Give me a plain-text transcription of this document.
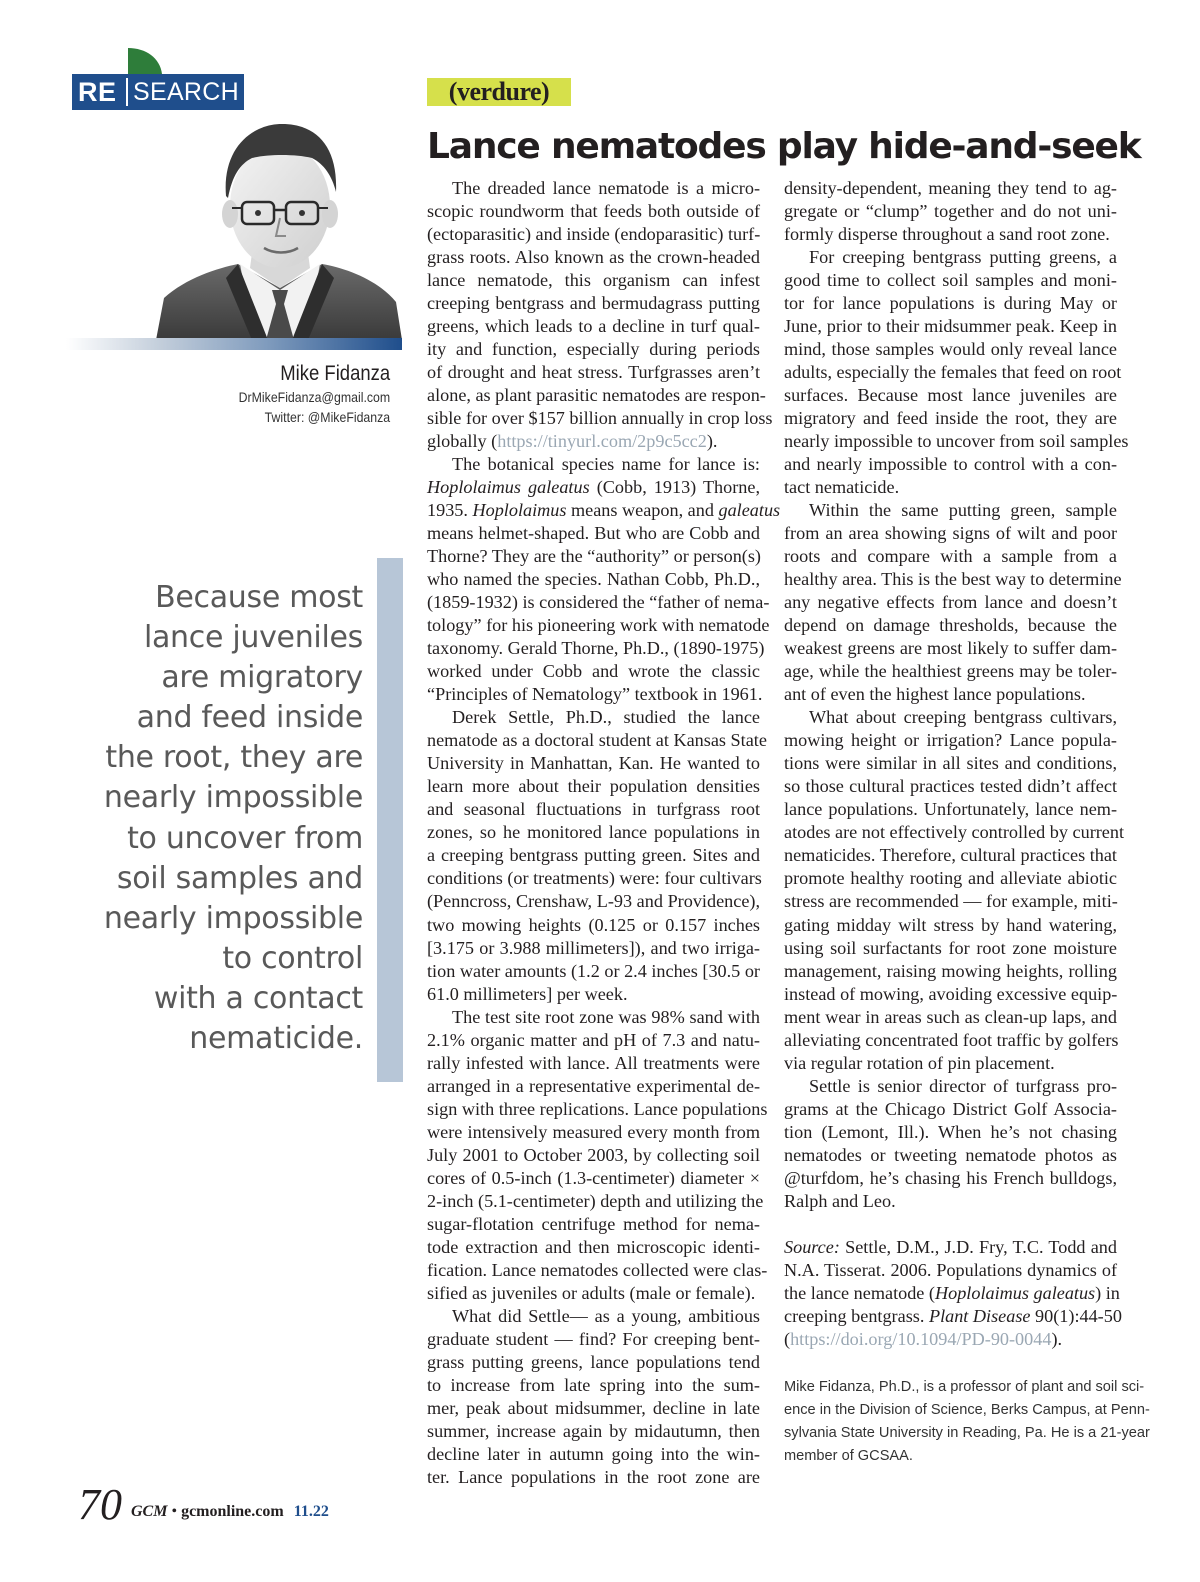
RE SEARCH
Mike Fidanza
DrMikeFidanza@gmail.com
Twitter: @MikeFidanza
Because most
lance juveniles
are migratory
and feed inside
the root, they are
nearly impossible
to uncover from
soil samples and
nearly impossible
to control
with a contact
nematicide.
(verdure)
Lance nematodes play hide-and-seek
The dreaded lance nematode is a micro-
scopic roundworm that feeds both outside of
(ectoparasitic) and inside (endoparasitic) turf-
grass roots. Also known as the crown-headed
lance nematode, this organism can infest
creeping bentgrass and bermudagrass putting
greens, which leads to a decline in turf qual-
ity and function, especially during periods
of drought and heat stress. Turfgrasses aren’t
alone, as plant parasitic nematodes are respon-
sible for over $157 billion annually in crop loss
globally (https://tinyurl.com/2p9c5cc2).
The botanical species name for lance is:
Hoplolaimus galeatus (Cobb, 1913) Thorne,
1935. Hoplolaimus means weapon, and galeatus
means helmet-shaped. But who are Cobb and
Thorne? They are the “authority” or person(s)
who named the species. Nathan Cobb, Ph.D.,
(1859-1932) is considered the “father of nema-
tology” for his pioneering work with nematode
taxonomy. Gerald Thorne, Ph.D., (1890-1975)
worked under Cobb and wrote the classic
“Principles of Nematology” textbook in 1961.
Derek Settle, Ph.D., studied the lance
nematode as a doctoral student at Kansas State
University in Manhattan, Kan. He wanted to
learn more about their population densities
and seasonal fluctuations in turfgrass root
zones, so he monitored lance populations in
a creeping bentgrass putting green. Sites and
conditions (or treatments) were: four cultivars
(Penncross, Crenshaw, L-93 and Providence),
two mowing heights (0.125 or 0.157 inches
[3.175 or 3.988 millimeters]), and two irriga-
tion water amounts (1.2 or 2.4 inches [30.5 or
61.0 millimeters] per week.
The test site root zone was 98% sand with
2.1% organic matter and pH of 7.3 and natu-
rally infested with lance. All treatments were
arranged in a representative experimental de-
sign with three replications. Lance populations
were intensively measured every month from
July 2001 to October 2003, by collecting soil
cores of 0.5-inch (1.3-centimeter) diameter ×
2-inch (5.1-centimeter) depth and utilizing the
sugar-flotation centrifuge method for nema-
tode extraction and then microscopic identi-
fication. Lance nematodes collected were clas-
sified as juveniles or adults (male or female).
What did Settle— as a young, ambitious
graduate student — find? For creeping bent-
grass putting greens, lance populations tend
to increase from late spring into the sum-
mer, peak about midsummer, decline in late
summer, increase again by midautumn, then
decline later in autumn going into the win-
ter. Lance populations in the root zone are
density-dependent, meaning they tend to ag-
gregate or “clump” together and do not uni-
formly disperse throughout a sand root zone.
For creeping bentgrass putting greens, a
good time to collect soil samples and moni-
tor for lance populations is during May or
June, prior to their midsummer peak. Keep in
mind, those samples would only reveal lance
adults, especially the females that feed on root
surfaces. Because most lance juveniles are
migratory and feed inside the root, they are
nearly impossible to uncover from soil samples
and nearly impossible to control with a con-
tact nematicide.
Within the same putting green, sample
from an area showing signs of wilt and poor
roots and compare with a sample from a
healthy area. This is the best way to determine
any negative effects from lance and doesn’t
depend on damage thresholds, because the
weakest greens are most likely to suffer dam-
age, while the healthiest greens may be toler-
ant of even the highest lance populations.
What about creeping bentgrass cultivars,
mowing height or irrigation? Lance popula-
tions were similar in all sites and conditions,
so those cultural practices tested didn’t affect
lance populations. Unfortunately, lance nem-
atodes are not effectively controlled by current
nematicides. Therefore, cultural practices that
promote healthy rooting and alleviate abiotic
stress are recommended — for example, miti-
gating midday wilt stress by hand watering,
using soil surfactants for root zone moisture
management, raising mowing heights, rolling
instead of mowing, avoiding excessive equip-
ment wear in areas such as clean-up laps, and
alleviating concentrated foot traffic by golfers
via regular rotation of pin placement.
Settle is senior director of turfgrass pro-
grams at the Chicago District Golf Associa-
tion (Lemont, Ill.). When he’s not chasing
nematodes or tweeting nematode photos as
@turfdom, he’s chasing his French bulldogs,
Ralph and Leo.
Source: Settle, D.M., J.D. Fry, T.C. Todd and
N.A. Tisserat. 2006. Populations dynamics of
the lance nematode (Hoplolaimus galeatus) in
creeping bentgrass. Plant Disease 90(1):44-50
(https://doi.org/10.1094/PD-90-0044).
Mike Fidanza, Ph.D., is a professor of plant and soil sci-
ence in the Division of Science, Berks Campus, at Penn-
sylvania State University in Reading, Pa. He is a 21-year
member of GCSAA.
70 GCM • gcmonline.com 11.22
